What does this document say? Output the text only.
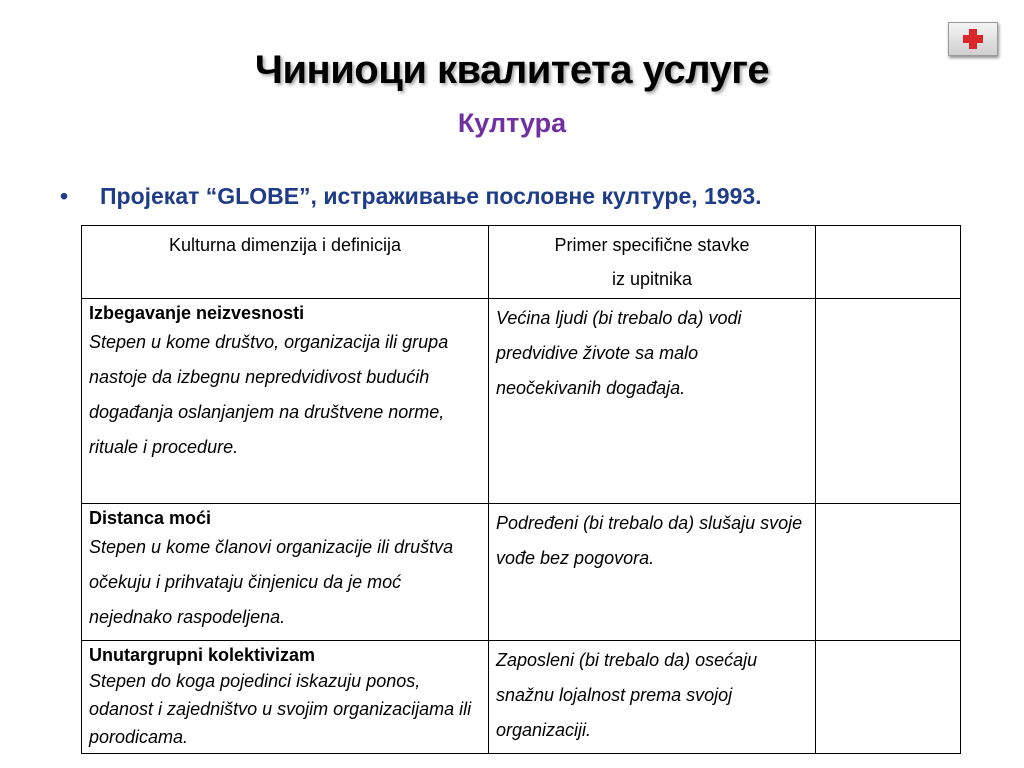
Чиниоци квалитета услуге
Култура
• Пројекат “GLOBE”, истраживање пословне културе, 1993.
Kulturna dimenzija i definicija	Primer specifične stavke
iz upitnika	

Izbegavanje neizvesnosti
Stepen u kome društvo, organizacija ili grupa nastoje da izbegnu nepredvidivost budućih događanja oslanjanjem na društvene norme, rituale i procedure.	Većina ljudi (bi trebalo da) vodi predvidive živote sa malo neočekivanih događaja.	

Distanca moći
Stepen u kome članovi organizacije ili društva očekuju i prihvataju činjenicu da je moć nejednako raspodeljena.	Podređeni (bi trebalo da) slušaju svoje vođe bez pogovora.	

Unutargrupni kolektivizam
Stepen do koga pojedinci iskazuju ponos, odanost i zajedništvo u svojim organizacijama ili porodicama.	Zaposleni (bi trebalo da) osećaju snažnu lojalnost prema svojoj organizaciji.	
